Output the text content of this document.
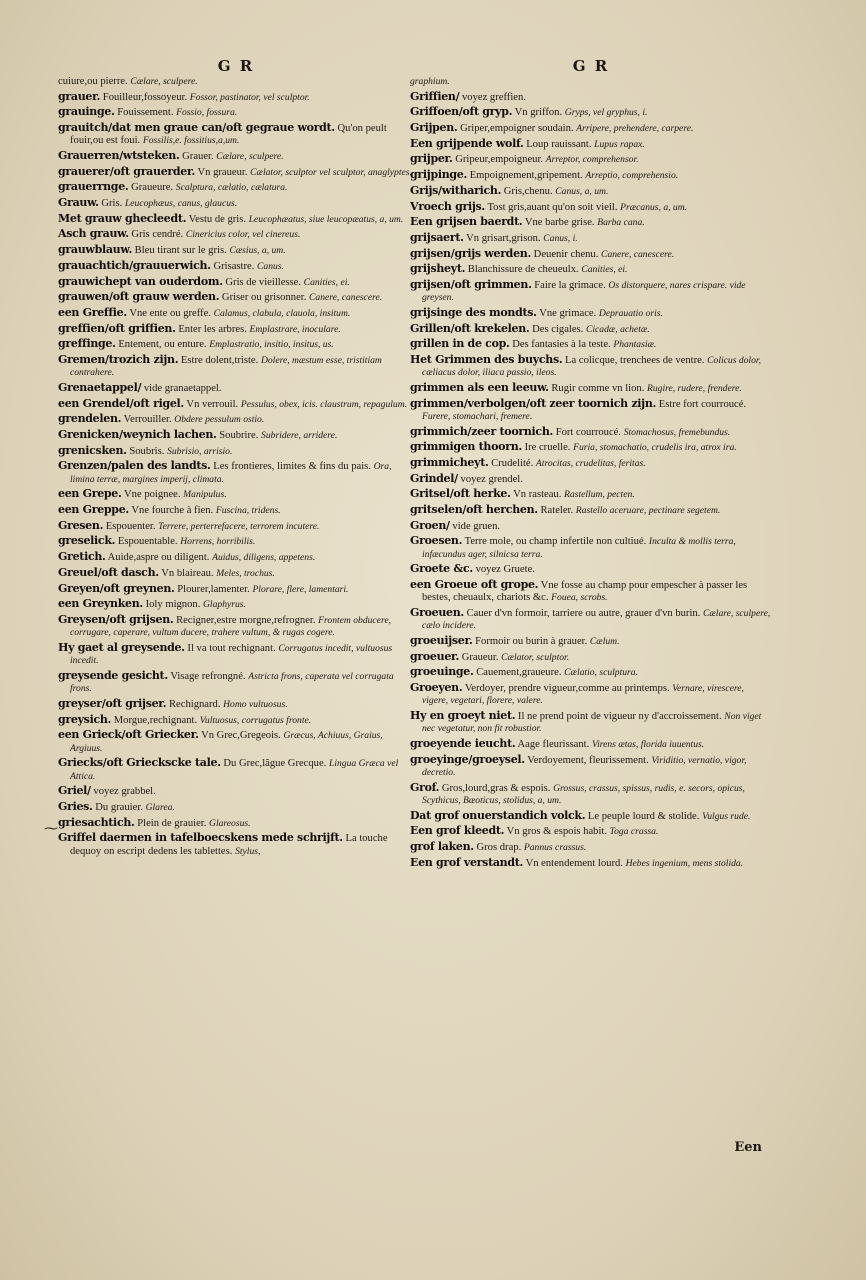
⁓
G R
cuiure,ou pierre. Cælare, sculpere.
grauer. Fouilleur,fossoyeur. Fossor, pastinator, vel sculptor.
grauinge. Fouissement. Fossio, fossura.
grauitch/dat men graue can/oft gegraue wordt. Qu'on peult fouir,ou est foui. Fossilis,e. fossitius,a,um.
Grauerren/wtsteken. Grauer. Cælare, sculpere.
grauerer/oft grauerder. Vn graueur. Cælator, sculptor vel sculptor, anaglyptes.
grauerrnge. Graueure. Scalptura, cælatio, cælatura.
Grauw. Gris. Leucophæus, canus, glaucus.
Met grauw ghecleedt. Vestu de gris. Leucophæatus, siue leucopæatus, a, um.
Asch grauw. Gris cendré. Cinericius color, vel cinereus.
grauwblauw. Bleu tirant sur le gris. Cæsius, a, um.
grauachtich/grauuerwich. Grisastre. Canus.
grauwichept van ouderdom. Gris de vieillesse. Canities, ei.
grauwen/oft grauw werden. Griser ou grisonner. Canere, canescere.
een Greffie. Vne ente ou greffe. Calamus, clabula, clauola, insitum.
greffien/oft griffien. Enter les arbres. Emplastrare, inoculare.
greffinge. Entement, ou enture. Emplastratio, insitio, insitus, us.
Gremen/trozich zijn. Estre dolent,triste. Dolere, mæstum esse, tristitiam contrahere.
Grenaetappel/ vide granaetappel.
een Grendel/oft rigel. Vn verrouil. Pessulus, obex, icis. claustrum, repagulum.
grendelen. Verrouiller. Obdere pessulum ostio.
Grenicken/weynich lachen. Soubrire. Subridere, arridere.
grenicsken. Soubris. Subrisio, arrisio.
Grenzen/palen des landts. Les frontieres, limites & fins du pais. Ora, limina terræ, margines imperij, climata.
een Grepe. Vne poignee. Manipulus.
een Greppe. Vne fourche à fien. Fuscina, tridens.
Gresen. Espouenter. Terrere, perterrefacere, terrorem incutere.
greselick. Espouentable. Horrens, horribilis.
Gretich. Auide,aspre ou diligent. Auidus, diligens, appetens.
Greuel/oft dasch. Vn blaireau. Meles, trochus.
Greyen/oft greynen. Plourer,lamenter. Plorare, flere, lamentari.
een Greynken. Ioly mignon. Glaphyrus.
Greysen/oft grijsen. Recigner,estre morgne,refrogner. Frontem obducere, corrugare, caperare, vultum ducere, trahere vultum, & rugas cogere.
Hy gaet al greysende. Il va tout rechignant. Corrugatus incedit, vultuosus incedit.
greysende gesicht. Visage refrongné. Astricta frons, caperata vel corrugata frons.
greyser/oft grijser. Rechignard. Homo vultuosus.
greysich. Morgue,rechignant. Vultuosus, corrugatus fronte.
een Grieck/oft Griecker. Vn Grec,Gregeois. Græcus, Achiuus, Graius, Argiuus.
Griecks/oft Grieckscke tale. Du Grec,lãgue Grecque. Lingua Græca vel Attica.
Griel/ voyez grabbel.
Gries. Du grauier. Glarea.
griesachtich. Plein de grauier. Glareosus.
Griffel daermen in tafelboecskens mede schrijft. La touche dequoy on escript dedens les tablettes. Stylus,
G R
graphium.
Griffien/ voyez greffien.
Griffoen/oft gryp. Vn griffon. Gryps, vel gryphus, i.
Grijpen. Griper,empoigner soudain. Arripere, prehendere, carpere.
Een grijpende wolf. Loup rauissant. Lupus rapax.
grijper. Gripeur,empoigneur. Arreptor, comprehensor.
grijpinge. Empoignement,gripement. Arreptio, comprehensio.
Grijs/witharich. Gris,chenu. Canus, a, um.
Vroech grijs. Tost gris,auant qu'on soit vieil. Præcanus, a, um.
Een grijsen baerdt. Vne barbe grise. Barba cana.
grijsaert. Vn grisart,grison. Canus, i.
grijsen/grijs werden. Deuenir chenu. Canere, canescere.
grijsheyt. Blanchissure de cheueulx. Canities, ei.
grijsen/oft grimmen. Faire la grimace. Os distorquere, nares crispare. vide greysen.
grijsinge des mondts. Vne grimace. Deprauatio oris.
Grillen/oft krekelen. Des cigales. Cicadæ, achetæ.
grillen in de cop. Des fantasies à la teste. Phantasiæ.
Het Grimmen des buychs. La colicque, trenchees de ventre. Colicus dolor, cæliacus dolor, iliaca passio, ileos.
grimmen als een leeuw. Rugir comme vn lion. Rugire, rudere, frendere.
grimmen/verbolgen/oft zeer toornich zijn. Estre fort courroucé. Furere, stomachari, fremere.
grimmich/zeer toornich. Fort courroucé. Stomachosus, fremebundus.
grimmigen thoorn. Ire cruelle. Furia, stomachatio, crudelis ira, atrox ira.
grimmicheyt. Crudelité. Atrocitas, crudelitas, feritas.
Grindel/ voyez grendel.
Gritsel/oft herke. Vn rasteau. Rastellum, pecten.
gritselen/oft herchen. Rateler. Rastello aceruare, pectinare segetem.
Groen/ vide gruen.
Groesen. Terre mole, ou champ infertile non cultiué. Inculta & mollis terra, infæcundus ager, silnicsa terra.
Groete &c. voyez Gruete.
een Groeue oft grope. Vne fosse au champ pour empescher à passer les bestes, cheuaulx, chariots &c. Fouea, scrobs.
Groeuen. Cauer d'vn formoir, tarriere ou autre, grauer d'vn burin. Cælare, sculpere, cælo incidere.
groeuijser. Formoir ou burin à grauer. Cælum.
groeuer. Graueur. Cælator, sculptor.
groeuinge. Cauement,graueure. Cælatio, sculptura.
Groeyen. Verdoyer, prendre vigueur,comme au printemps. Vernare, virescere, vigere, vegetari, florere, valere.
Hy en groeyt niet. Il ne prend point de vigueur ny d'accroissement. Non viget nec vegetatur, non fit robustior.
groeyende ieucht. Aage fleurissant. Virens ætas, florida iuuentus.
groeyinge/groeysel. Verdoyement, fleurissement. Viriditio, vernatio, vigor, decretio.
Grof. Gros,lourd,gras & espois. Grossus, crassus, spissus, rudis, e. secors, opicus, Scythicus, Bæoticus, stolidus, a, um.
Dat grof onuerstandich volck. Le peuple lourd & stolide. Vulgus rude.
Een grof kleedt. Vn gros & espois habit. Toga crassa.
grof laken. Gros drap. Pannus crassus.
Een grof verstandt. Vn entendement lourd. Hebes ingenium, mens stolida.
Een
